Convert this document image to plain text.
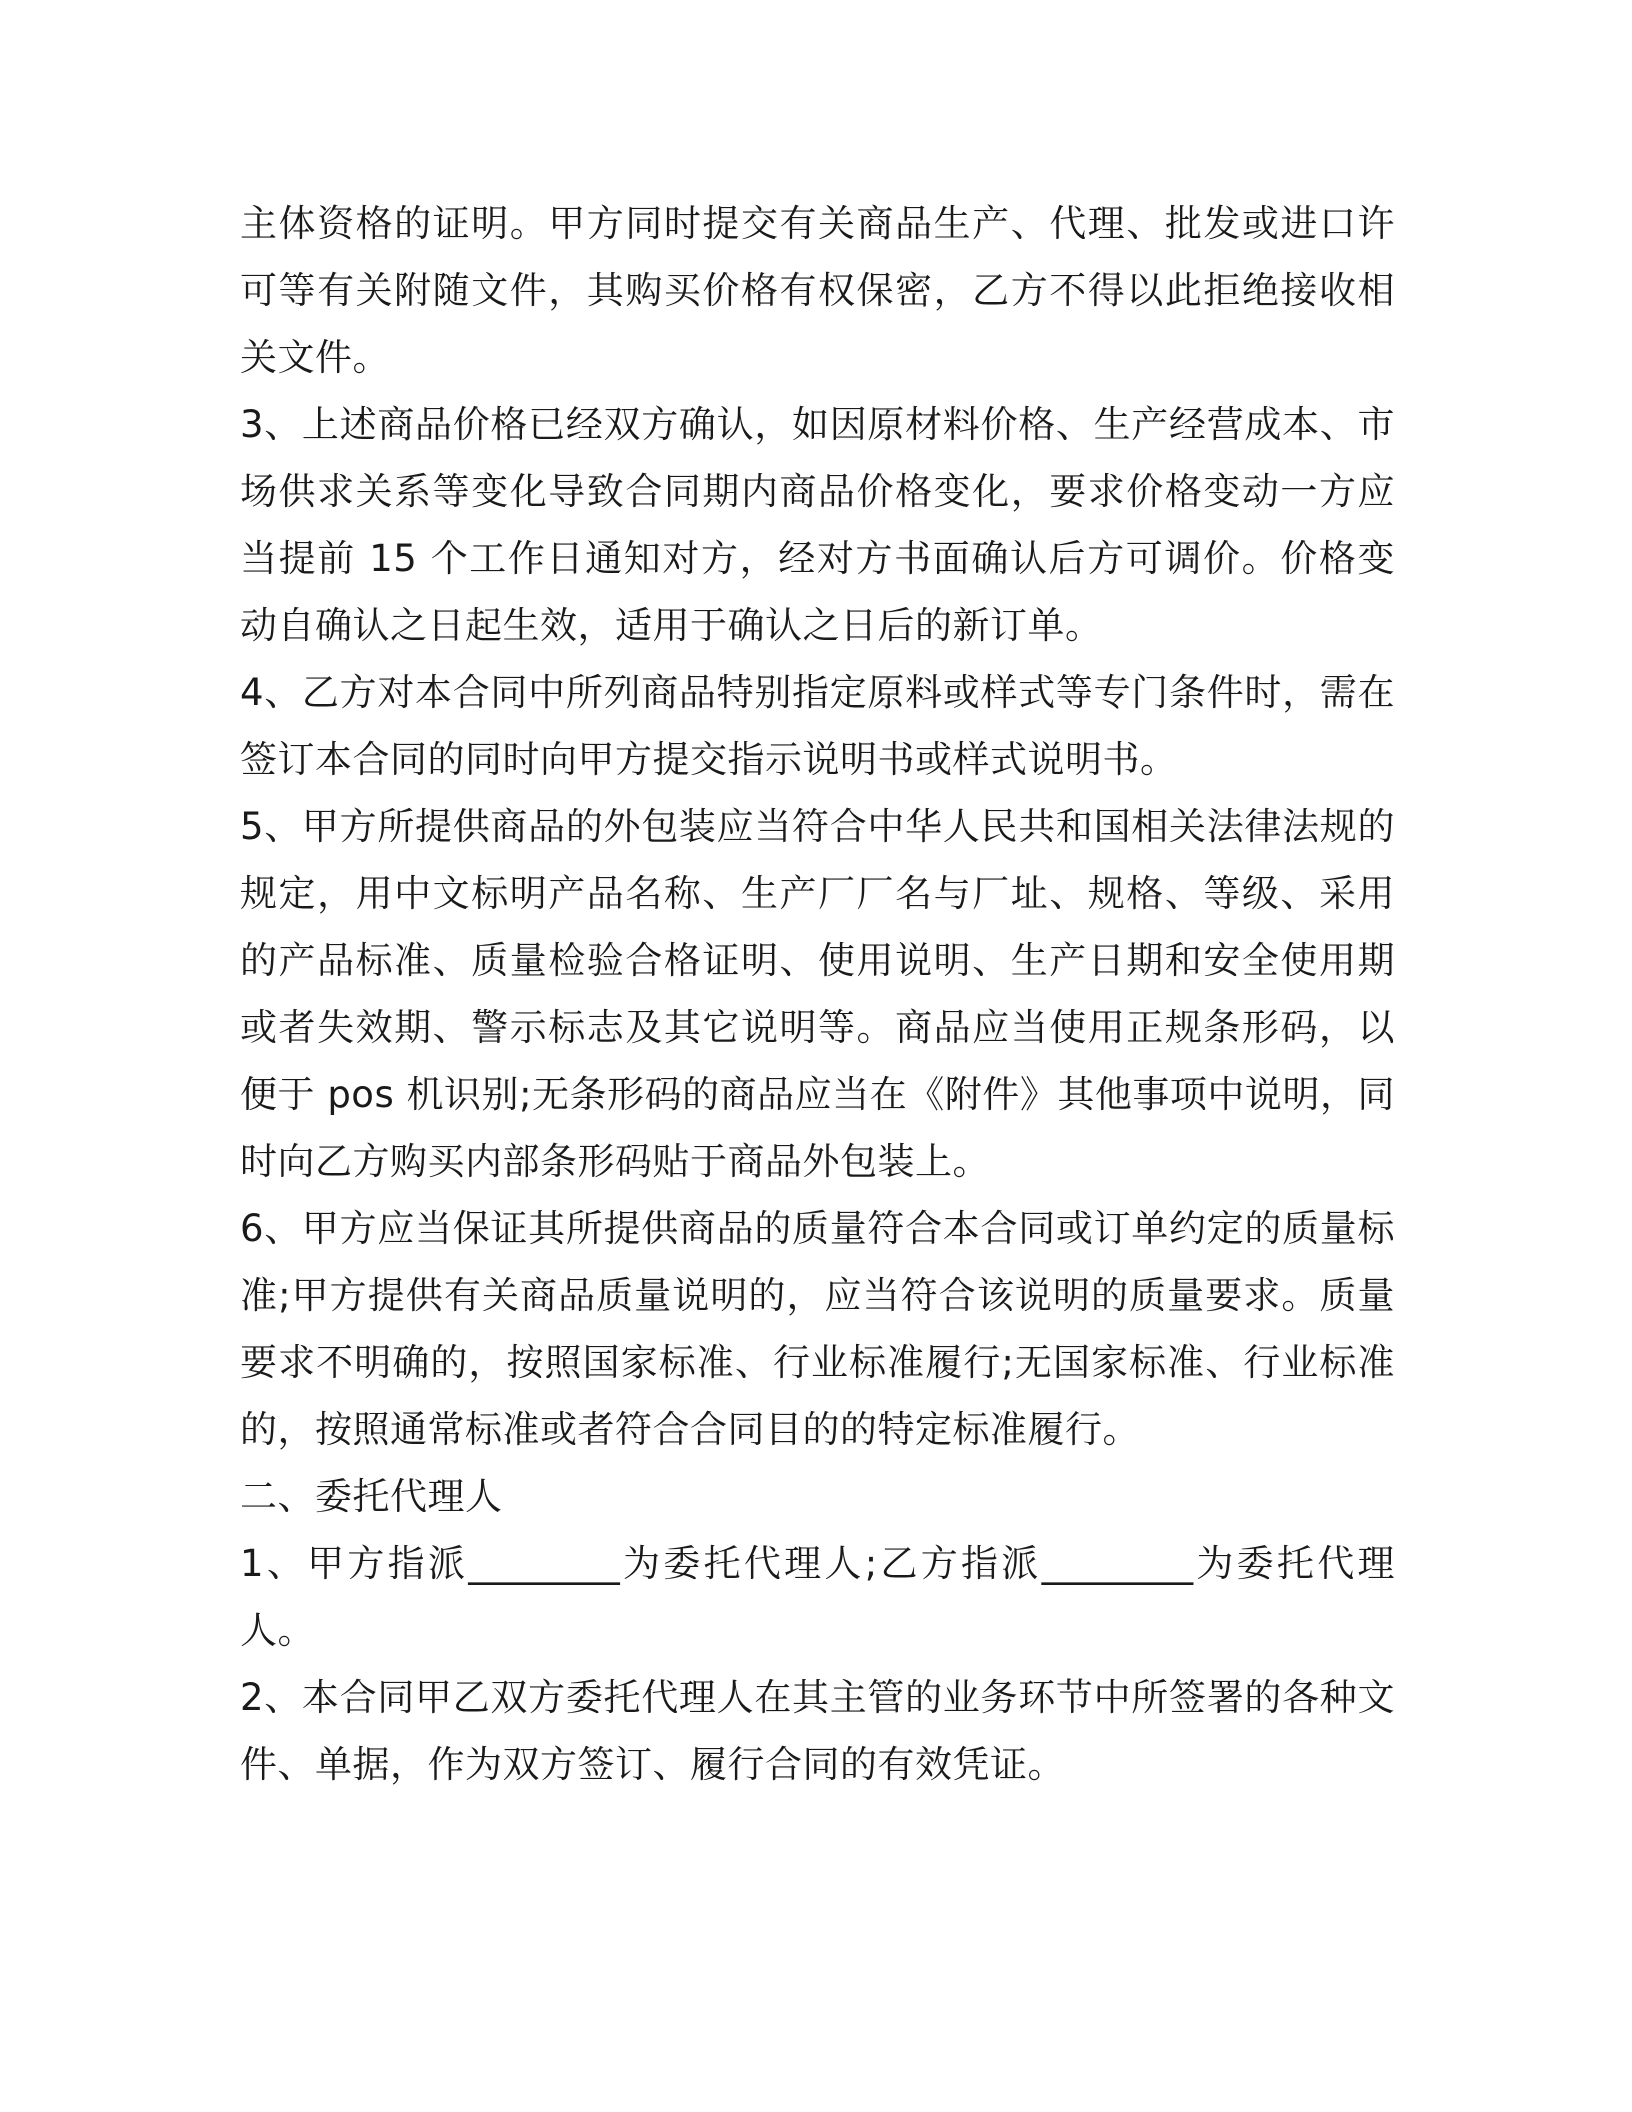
主体资格的证明。甲方同时提交有关商品生产、代理、批发或进口许可等有关附随文件，其购买价格有权保密，乙方不得以此拒绝接收相关文件。

3、上述商品价格已经双方确认，如因原材料价格、生产经营成本、市场供求关系等变化导致合同期内商品价格变化，要求价格变动一方应当提前 15 个工作日通知对方，经对方书面确认后方可调价。价格变动自确认之日起生效，适用于确认之日后的新订单。

4、乙方对本合同中所列商品特别指定原料或样式等专门条件时，需在签订本合同的同时向甲方提交指示说明书或样式说明书。

5、甲方所提供商品的外包装应当符合中华人民共和国相关法律法规的规定，用中文标明产品名称、生产厂厂名与厂址、规格、等级、采用的产品标准、质量检验合格证明、使用说明、生产日期和安全使用期或者失效期、警示标志及其它说明等。商品应当使用正规条形码，以便于 pos 机识别;无条形码的商品应当在《附件》其他事项中说明，同时向乙方购买内部条形码贴于商品外包装上。

6、甲方应当保证其所提供商品的质量符合本合同或订单约定的质量标准;甲方提供有关商品质量说明的，应当符合该说明的质量要求。质量要求不明确的，按照国家标准、行业标准履行;无国家标准、行业标准的，按照通常标准或者符合合同目的的特定标准履行。

二、委托代理人

1、甲方指派________为委托代理人;乙方指派________为委托代理人。

2、本合同甲乙双方委托代理人在其主管的业务环节中所签署的各种文件、单据，作为双方签订、履行合同的有效凭证。
